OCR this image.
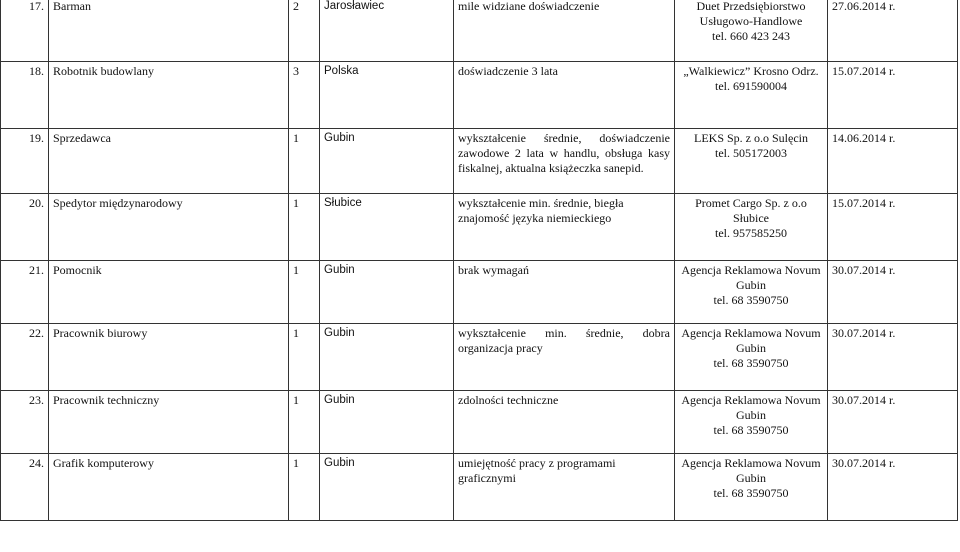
17.	Barman	2	Jarosławiec	mile widziane doświadczenie	Duet Przedsiębiorstwo
Usługowo-Handlowe
tel. 660 423 243	27.06.2014 r.
18.	Robotnik budowlany	3	Polska	doświadczenie 3 lata	„Walkiewicz” Krosno Odrz.
tel. 691590004	15.07.2014 r.
19.	Sprzedawca	1	Gubin	wykształcenie średnie, doświadczenie zawodowe 2 lata w handlu, obsługa kasy fiskalnej, aktualna książeczka sanepid.	LEKS Sp. z o.o Sulęcin
tel. 505172003	14.06.2014 r.
20.	Spedytor międzynarodowy	1	Słubice	wykształcenie min. średnie, biegła znajomość języka niemieckiego	Promet Cargo Sp. z o.o Słubice
tel. 957585250	15.07.2014 r.
21.	Pomocnik	1	Gubin	brak wymagań	Agencja Reklamowa Novum
Gubin
tel. 68 3590750	30.07.2014 r.
22.	Pracownik biurowy	1	Gubin	wykształcenie min. średnie, dobra organizacja pracy	Agencja Reklamowa Novum
Gubin
tel. 68 3590750	30.07.2014 r.
23.	Pracownik techniczny	1	Gubin	zdolności techniczne	Agencja Reklamowa Novum
Gubin
tel. 68 3590750	30.07.2014 r.
24.	Grafik komputerowy	1	Gubin	umiejętność pracy z programami graficznymi	Agencja Reklamowa Novum
Gubin
tel. 68 3590750	30.07.2014 r.
